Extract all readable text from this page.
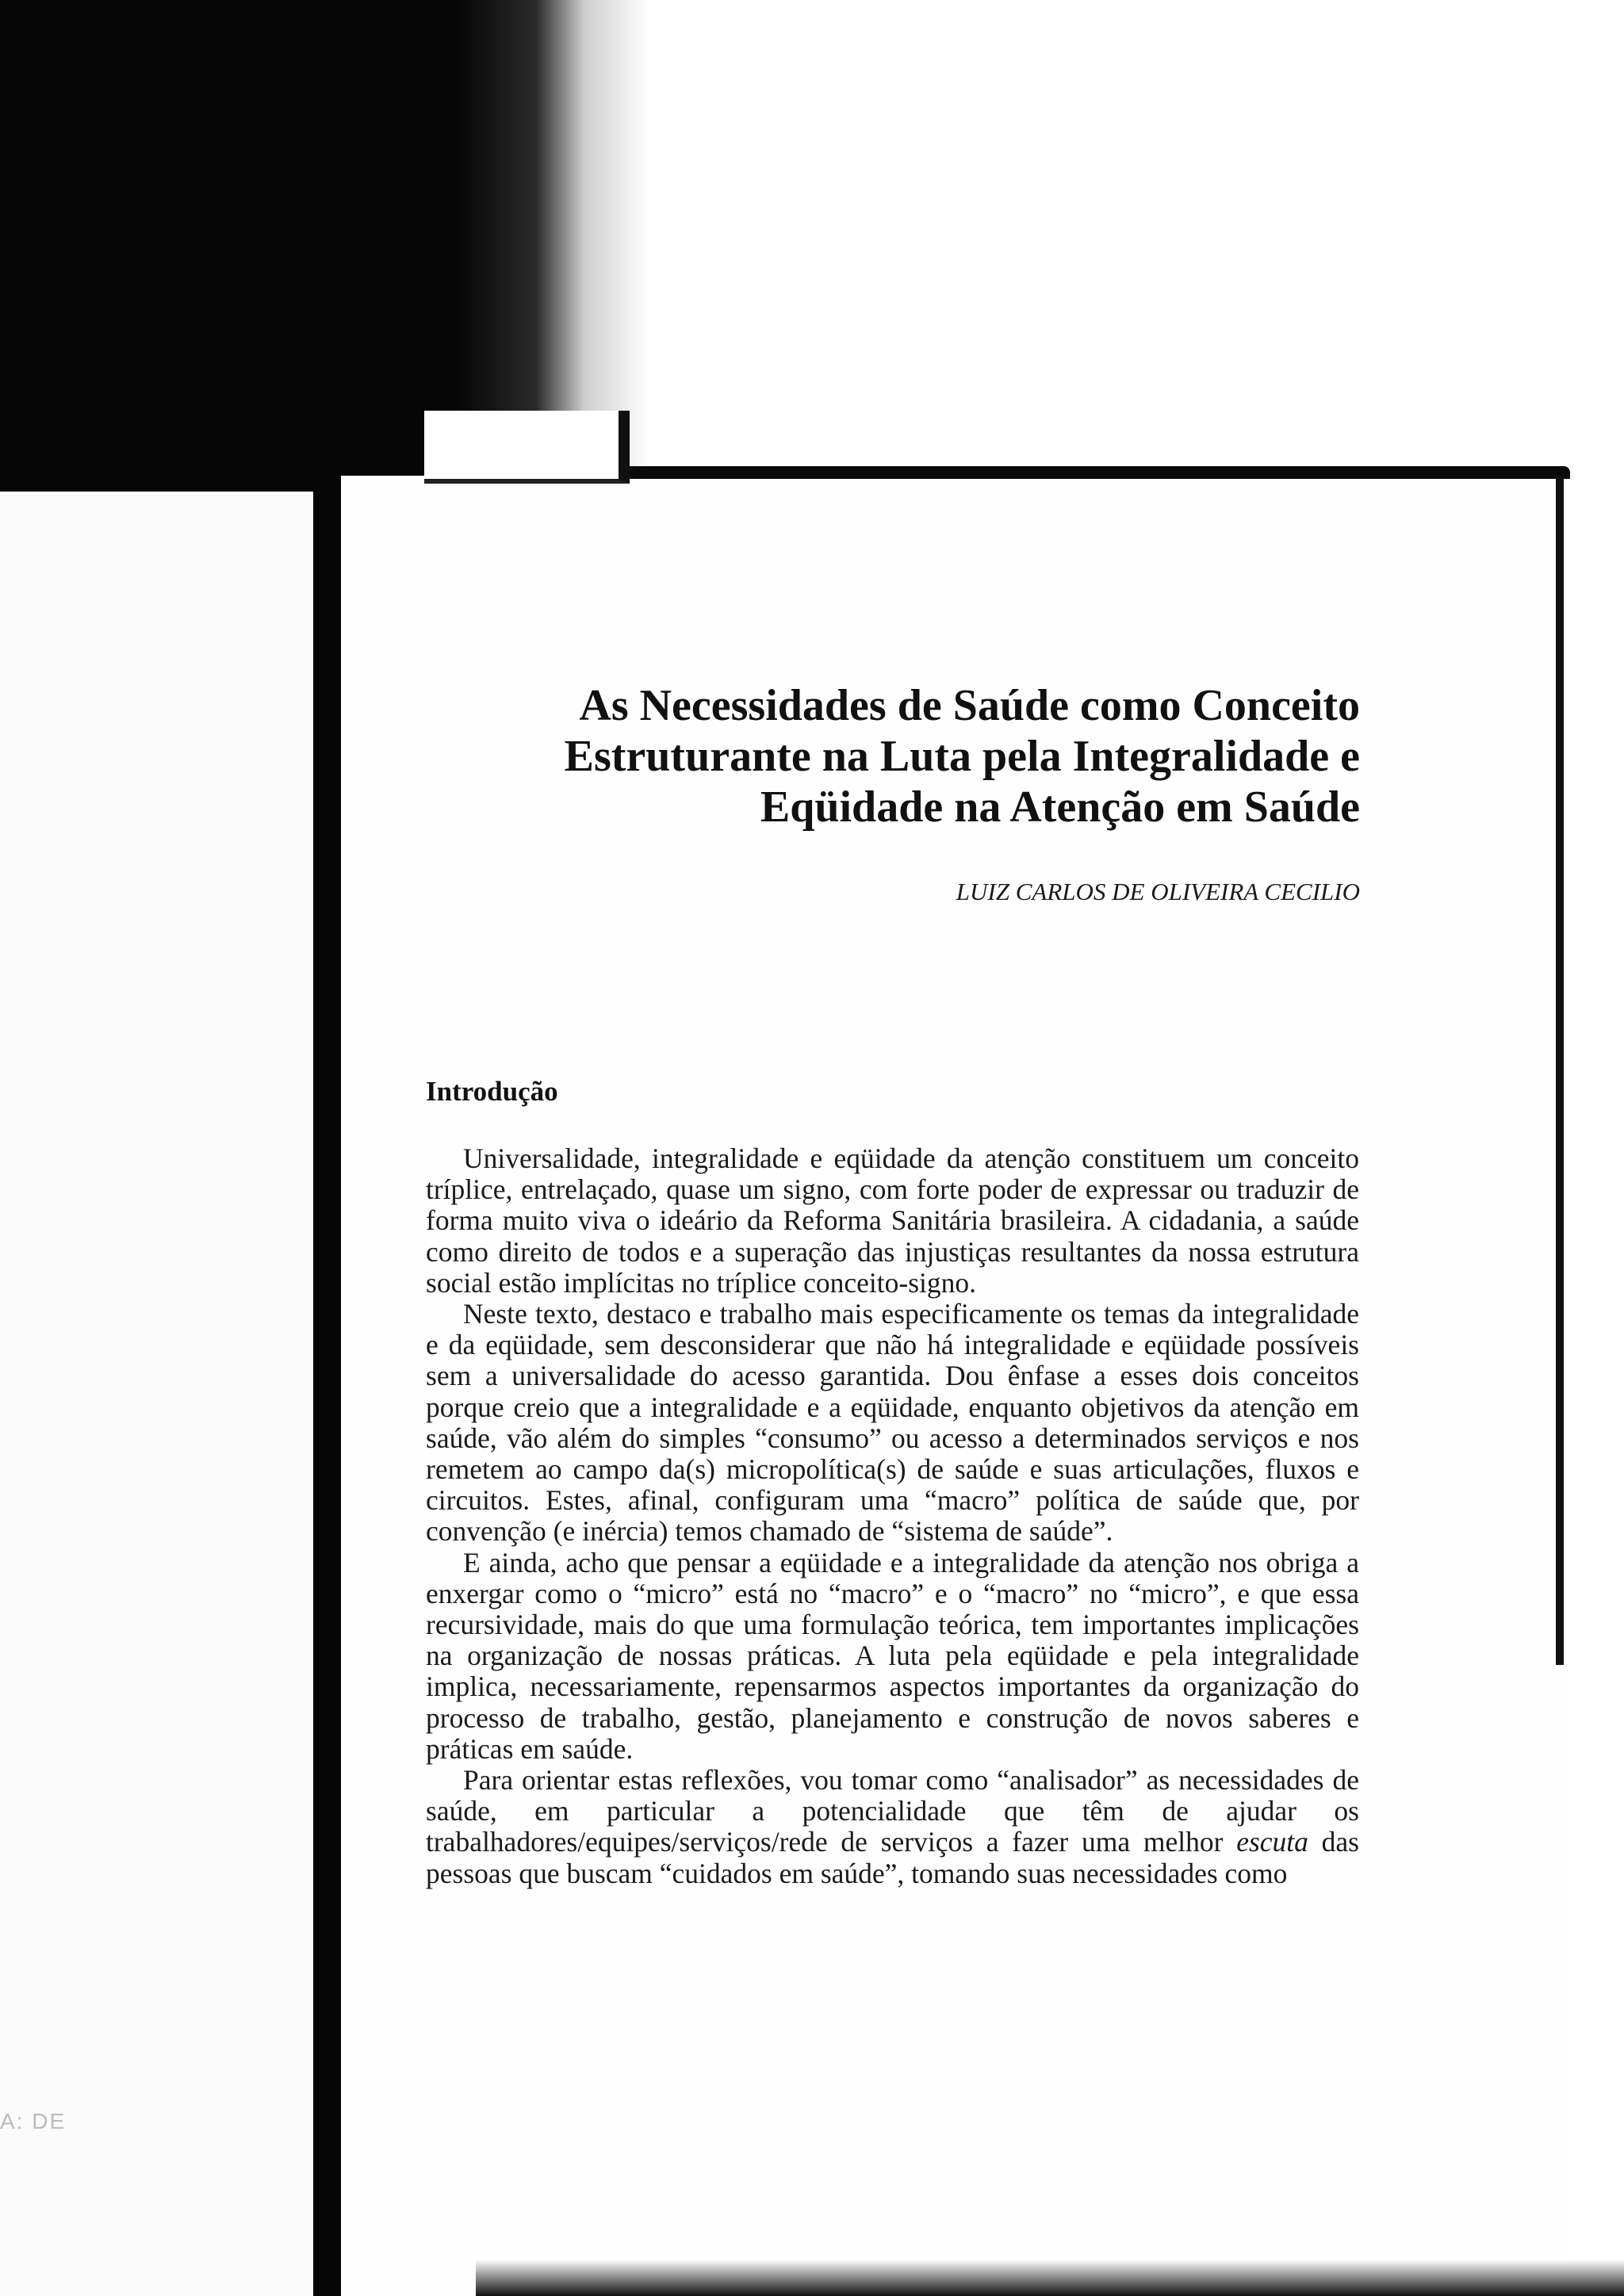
As Necessidades de Saúde como Conceito Estruturante na Luta pela Integralidade e Eqüidade na Atenção em Saúde

LUIZ CARLOS DE OLIVEIRA CECILIO

Introdução

Universalidade, integralidade e eqüidade da atenção constituem um conceito tríplice, entrelaçado, quase um signo, com forte poder de expressar ou traduzir de forma muito viva o ideário da Reforma Sanitária brasileira. A cidadania, a saúde como direito de todos e a superação das injustiças resultantes da nossa estrutura social estão implícitas no tríplice conceito-signo.

Neste texto, destaco e trabalho mais especificamente os temas da integralidade e da eqüidade, sem desconsiderar que não há integralidade e eqüidade possíveis sem a universalidade do acesso garantida. Dou ênfase a esses dois conceitos porque creio que a integralidade e a eqüidade, enquanto objetivos da atenção em saúde, vão além do simples “consumo” ou acesso a determinados serviços e nos remetem ao campo da(s) micropolítica(s) de saúde e suas articulações, fluxos e circuitos. Estes, afinal, configuram uma “macro” política de saúde que, por convenção (e inércia) temos chamado de “sistema de saúde”.

E ainda, acho que pensar a eqüidade e a integralidade da atenção nos obriga a enxergar como o “micro” está no “macro” e o “macro” no “micro”, e que essa recursividade, mais do que uma formulação teórica, tem importantes implicações na organização de nossas práticas. A luta pela eqüidade e pela integralidade implica, necessariamente, repensarmos aspectos importantes da organização do processo de trabalho, gestão, planejamento e construção de novos saberes e práticas em saúde.

Para orientar estas reflexões, vou tomar como “analisador” as necessidades de saúde, em particular a potencialidade que têm de ajudar os trabalhadores/equipes/serviços/rede de serviços a fazer uma melhor escuta das pessoas que buscam “cuidados em saúde”, tomando suas necessidades como

A: DE
